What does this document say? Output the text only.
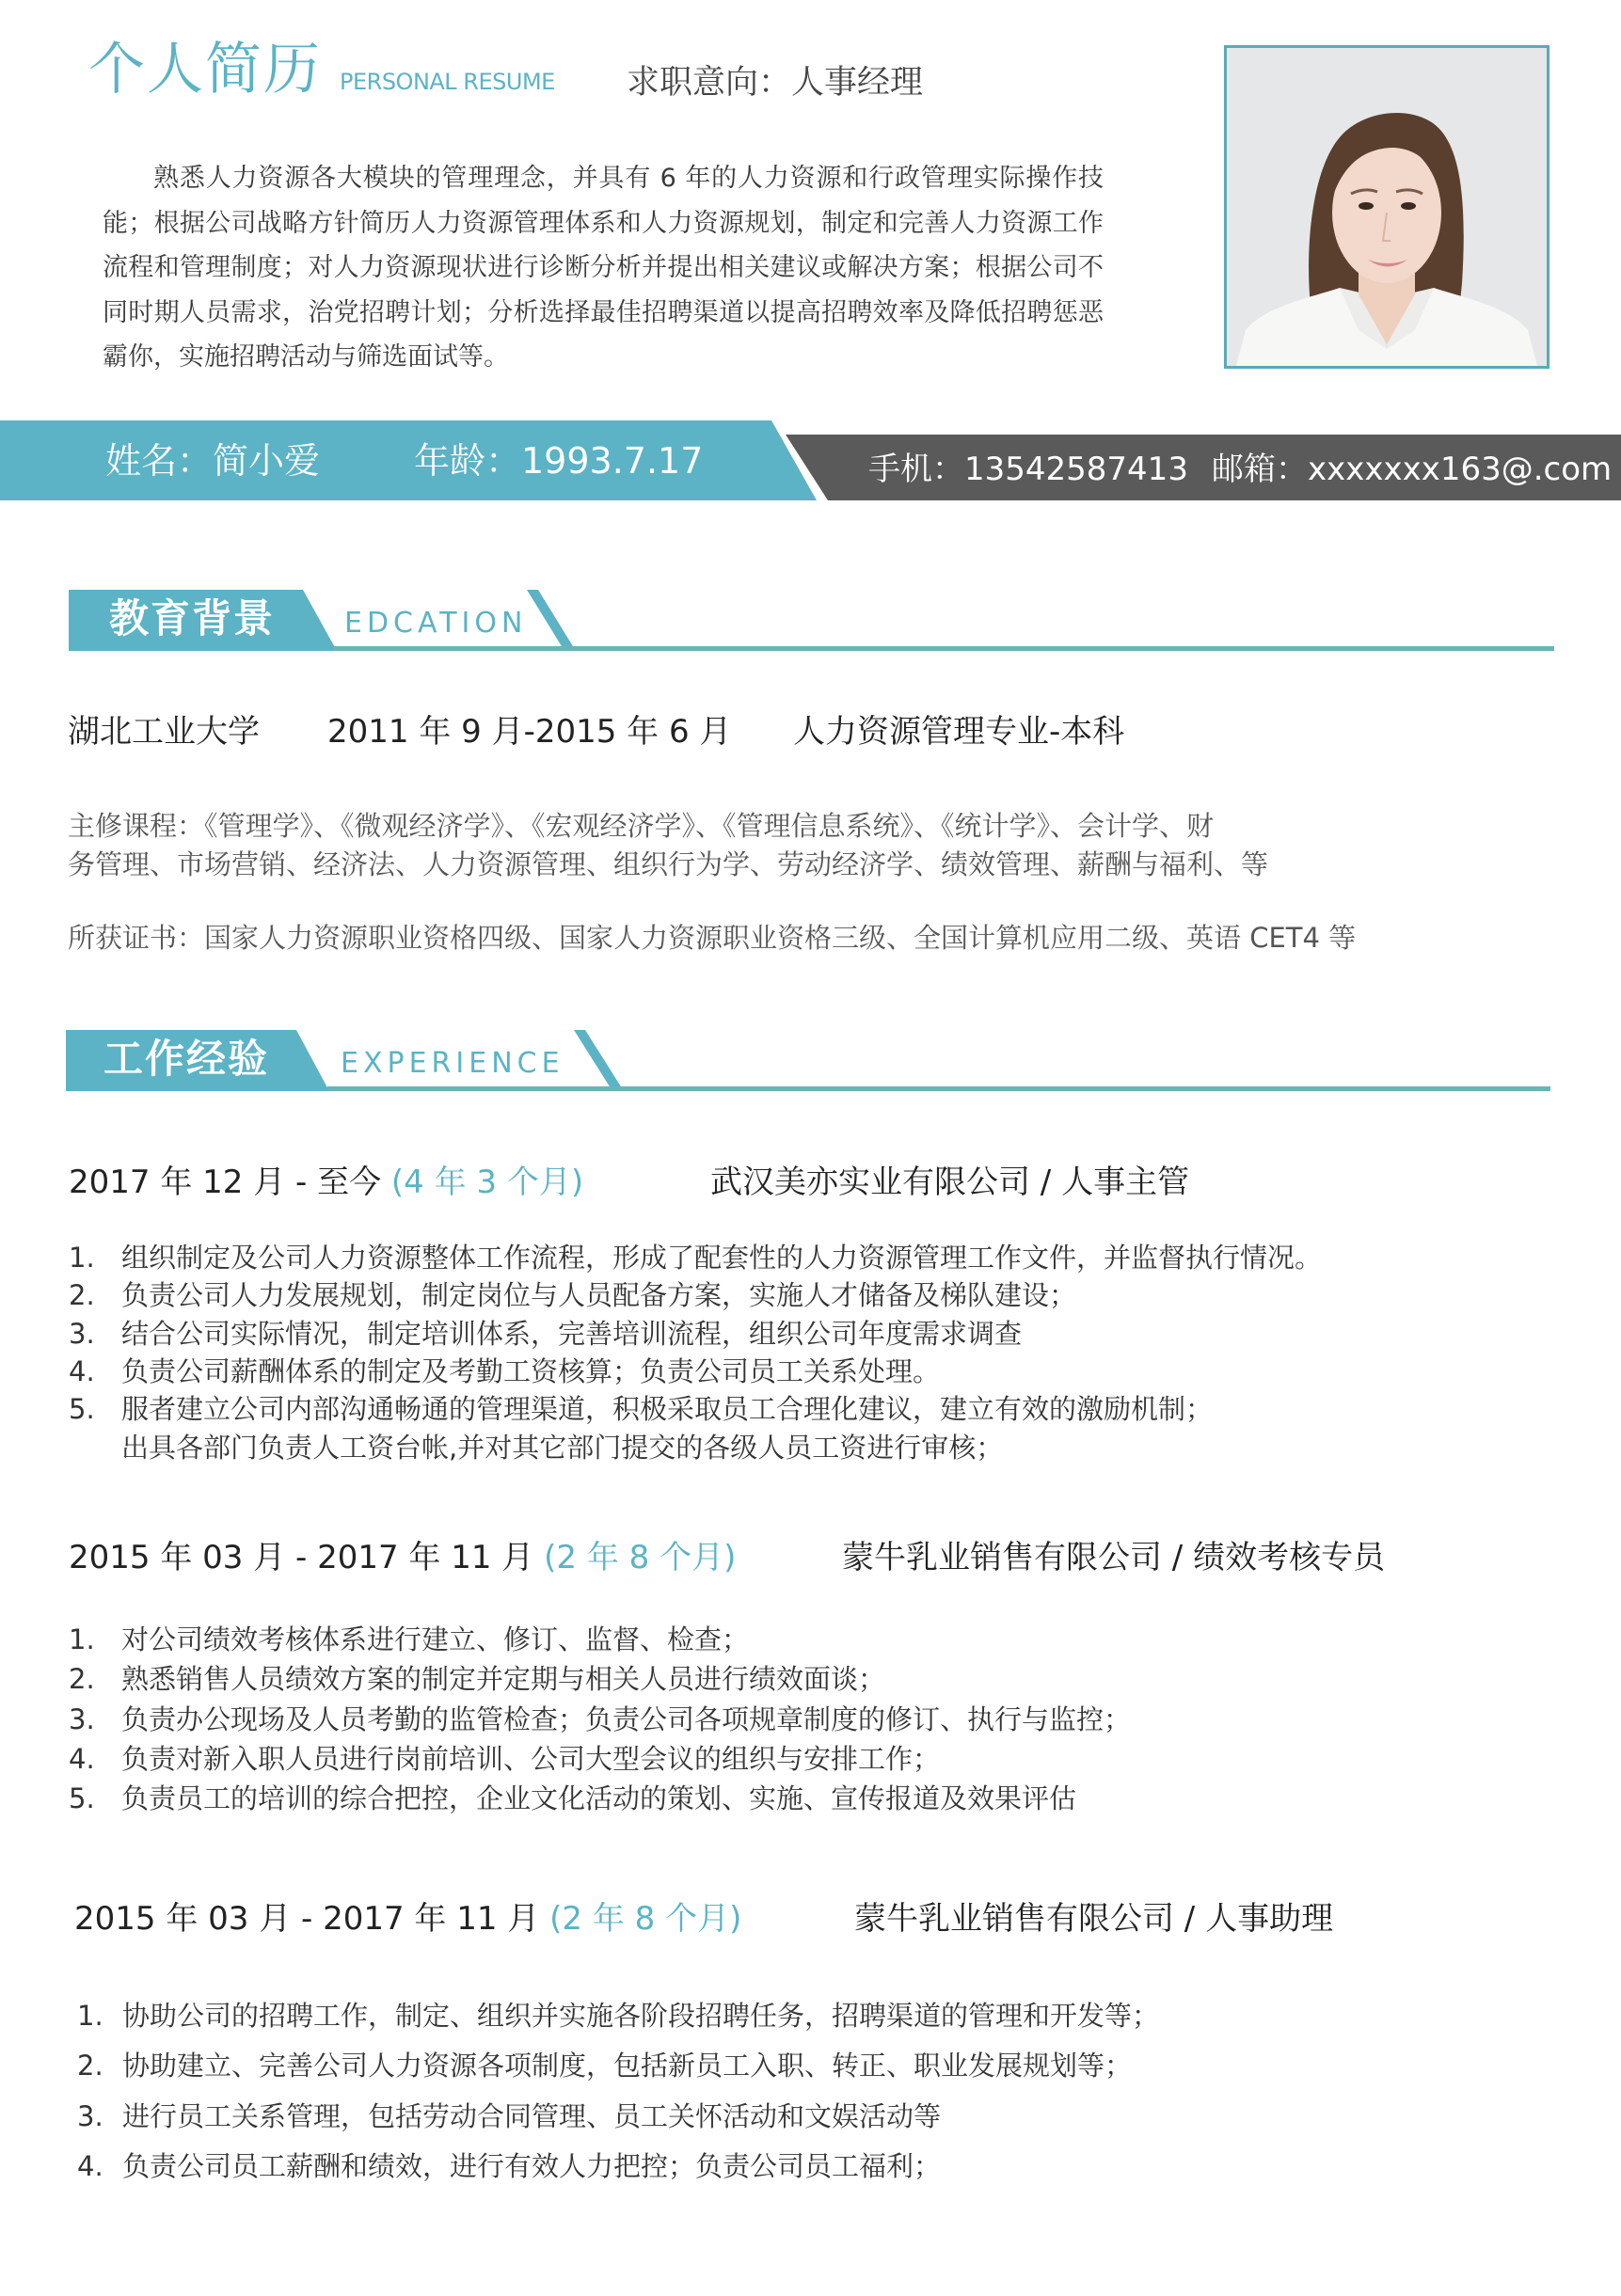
个人简历 PERSONAL RESUME 求职意向：人事经理
熟悉人力资源各大模块的管理理念，并具有 6 年的人力资源和行政管理实际操作技能；根据公司战略方针简历人力资源管理体系和人力资源规划，制定和完善人力资源工作流程和管理制度；对人力资源现状进行诊断分析并提出相关建议或解决方案；根据公司不同时期人员需求，治党招聘计划；分析选择最佳招聘渠道以提高招聘效率及降低招聘惩恶霸你，实施招聘活动与筛选面试等。
姓名：简小爱	年龄：1993.7.17	手机：13542587413 邮箱：xxxxxxx163@.com
教育背景 EDCATION
湖北工业大学 2011 年 9 月-2015 年 6 月 人力资源管理专业-本科
主修课程：《管理学》、《微观经济学》、《宏观经济学》、《管理信息系统》、《统计学》、会计学、财
务管理、市场营销、经济法、人力资源管理、组织行为学、劳动经济学、绩效管理、薪酬与福利、等
所获证书：国家人力资源职业资格四级、国家人力资源职业资格三级、全国计算机应用二级、英语 CET4 等
工作经验	EXPERIENCE
2017 年 12 月 - 至今 (4 年 3 个月)	武汉美亦实业有限公司 / 人事主管
1. 组织制定及公司人力资源整体工作流程，形成了配套性的人力资源管理工作文件，并监督执行情况。
2. 负责公司人力发展规划，制定岗位与人员配备方案，实施人才储备及梯队建设；
3. 结合公司实际情况，制定培训体系，完善培训流程，组织公司年度需求调查
4. 负责公司薪酬体系的制定及考勤工资核算；负责公司员工关系处理。
5. 服者建立公司内部沟通畅通的管理渠道，积极采取员工合理化建议，建立有效的激励机制；
出具各部门负责人工资台帐,并对其它部门提交的各级人员工资进行审核；
2015 年 03 月 - 2017 年 11 月 (2 年 8 个月)	蒙牛乳业销售有限公司 / 绩效考核专员
1. 对公司绩效考核体系进行建立、修订、监督、检查；
2. 熟悉销售人员绩效方案的制定并定期与相关人员进行绩效面谈；
3. 负责办公现场及人员考勤的监管检查；负责公司各项规章制度的修订、执行与监控；
4. 负责对新入职人员进行岗前培训、公司大型会议的组织与安排工作；
5. 负责员工的培训的综合把控，企业文化活动的策划、实施、宣传报道及效果评估
2015 年 03 月 - 2017 年 11 月 (2 年 8 个月)	蒙牛乳业销售有限公司 / 人事助理
1. 协助公司的招聘工作，制定、组织并实施各阶段招聘任务，招聘渠道的管理和开发等；
2. 协助建立、完善公司人力资源各项制度，包括新员工入职、转正、职业发展规划等；
3. 进行员工关系管理，包括劳动合同管理、员工关怀活动和文娱活动等
4. 负责公司员工薪酬和绩效，进行有效人力把控；负责公司员工福利；
